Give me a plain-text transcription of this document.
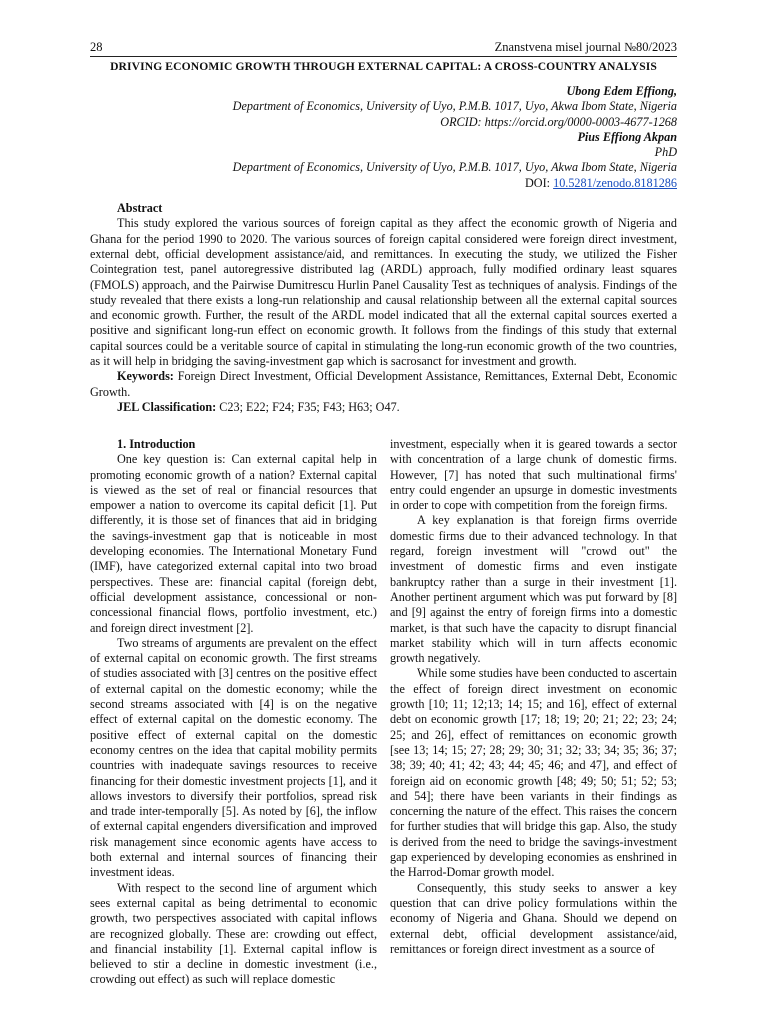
28	Znanstvena misel journal №80/2023
DRIVING ECONOMIC GROWTH THROUGH EXTERNAL CAPITAL: A CROSS-COUNTRY ANALYSIS
Ubong Edem Effiong,
Department of Economics, University of Uyo, P.M.B. 1017, Uyo, Akwa Ibom State, Nigeria
ORCID: https://orcid.org/0000-0003-4677-1268
Pius Effiong Akpan
PhD
Department of Economics, University of Uyo, P.M.B. 1017, Uyo, Akwa Ibom State, Nigeria
DOI: 10.5281/zenodo.8181286
Abstract

This study explored the various sources of foreign capital as they affect the economic growth of Nigeria and Ghana for the period 1990 to 2020. The various sources of foreign capital considered were foreign direct investment, external debt, official development assistance/aid, and remittances. In executing the study, we utilized the Fisher Cointegration test, panel autoregressive distributed lag (ARDL) approach, fully modified ordinary least squares (FMOLS) approach, and the Pairwise Dumitrescu Hurlin Panel Causality Test as techniques of analysis. Findings of the study revealed that there exists a long-run relationship and causal relationship between all the external capital sources and economic growth. Further, the result of the ARDL model indicated that all the external capital sources exerted a positive and significant long-run effect on economic growth. It follows from the findings of this study that external capital sources could be a veritable source of capital in stimulating the long-run economic growth of the two countries, as it will help in bridging the saving-investment gap which is sacrosanct for investment and growth.

Keywords: Foreign Direct Investment, Official Development Assistance, Remittances, External Debt, Economic Growth.

JEL Classification: C23; E22; F24; F35; F43; H63; O47.

1. Introduction

One key question is: Can external capital help in promoting economic growth of a nation? External capital is viewed as the set of real or financial resources that empower a nation to overcome its capital deficit [1]. Put differently, it is those set of finances that aid in bridging the savings-investment gap that is noticeable in most developing economies. The International Monetary Fund (IMF), have categorized external capital into two broad perspectives. These are: financial capital (foreign debt, official development assistance, concessional or non-concessional financial flows, portfolio investment, etc.) and foreign direct investment [2].

Two streams of arguments are prevalent on the effect of external capital on economic growth. The first streams of studies associated with [3] centres on the positive effect of external capital on the domestic economy; while the second streams associated with [4] is on the negative effect of external capital on the domestic economy. The positive effect of external capital on the domestic economy centres on the idea that capital mobility permits countries with inadequate savings resources to receive financing for their domestic investment projects [1], and it allows investors to diversify their portfolios, spread risk and trade inter-temporally [5]. As noted by [6], the inflow of external capital engenders diversification and improved risk management since economic agents have access to both external and internal sources of financing their investment ideas.

With respect to the second line of argument which sees external capital as being detrimental to economic growth, two perspectives associated with capital inflows are recognized globally. These are: crowding out effect, and financial instability [1]. External capital inflow is believed to stir a decline in domestic investment (i.e., crowding out effect) as such will replace domestic

investment, especially when it is geared towards a sector with concentration of a large chunk of domestic firms. However, [7] has noted that such multinational firms' entry could engender an upsurge in domestic investments in order to cope with competition from the foreign firms.

A key explanation is that foreign firms override domestic firms due to their advanced technology. In that regard, foreign investment will "crowd out" the investment of domestic firms and even instigate bankruptcy rather than a surge in their investment [1]. Another pertinent argument which was put forward by [8] and [9] against the entry of foreign firms into a domestic market, is that such have the capacity to disrupt financial market stability which will in turn affects economic growth negatively.

While some studies have been conducted to ascertain the effect of foreign direct investment on economic growth [10; 11; 12;13; 14; 15; and 16], effect of external debt on economic growth [17; 18; 19; 20; 21; 22; 23; 24; 25; and 26], effect of remittances on economic growth [see 13; 14; 15; 27; 28; 29; 30; 31; 32; 33; 34; 35; 36; 37; 38; 39; 40; 41; 42; 43; 44; 45; 46; and 47], and effect of foreign aid on economic growth [48; 49; 50; 51; 52; 53; and 54]; there have been variants in their findings as concerning the nature of the effect. This raises the concern for further studies that will bridge this gap. Also, the study is derived from the need to bridge the savings-investment gap experienced by developing economies as enshrined in the Harrod-Domar growth model.

Consequently, this study seeks to answer a key question that can drive policy formulations within the economy of Nigeria and Ghana. Should we depend on external debt, official development assistance/aid, remittances or foreign direct investment as a source of
